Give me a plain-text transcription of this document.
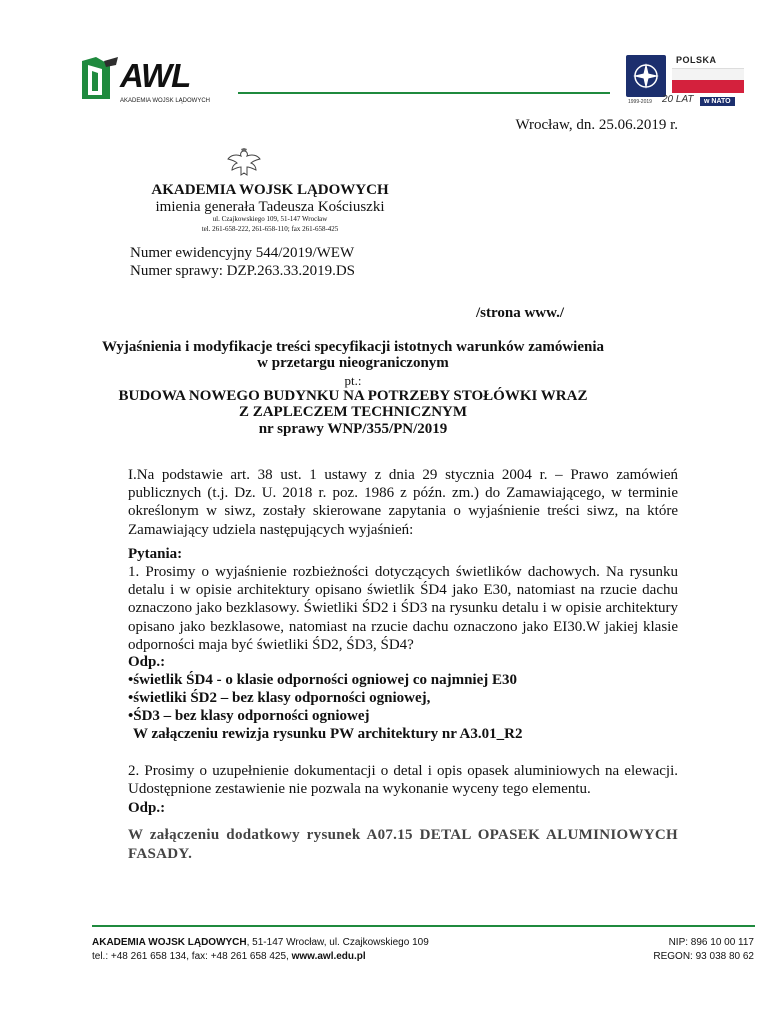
AWL
AKADEMIA WOJSK LĄDOWYCH
POLSKA
1999-2019 20 LAT	w NATO
Wrocław, dn. 25.06.2019 r.
AKADEMIA WOJSK LĄDOWYCH
imienia generała Tadeusza Kościuszki
ul. Czajkowskiego 109, 51-147 Wrocław
tel. 261-658-222, 261-658-110; fax 261-658-425
Numer ewidencyjny 544/2019/WEW
Numer sprawy: DZP.263.33.2019.DS
/strona www./
Wyjaśnienia i modyfikacje treści specyfikacji istotnych warunków zamówienia
w przetargu nieograniczonym
pt.:
BUDOWA NOWEGO BUDYNKU NA POTRZEBY STOŁÓWKI WRAZ
Z ZAPLECZEM TECHNICZNYM
nr sprawy WNP/355/PN/2019
I.Na podstawie art. 38 ust. 1 ustawy z dnia 29 stycznia 2004 r. – Prawo zamówień publicznych (t.j. Dz. U. 2018 r. poz. 1986 z późn. zm.) do Zamawiającego, w terminie określonym w siwz, zostały skierowane zapytania o wyjaśnienie treści siwz, na które Zamawiający udziela następujących wyjaśnień:
Pytania:
1. Prosimy o wyjaśnienie rozbieżności dotyczących świetlików dachowych. Na rysunku detalu i w opisie architektury opisano świetlik ŚD4 jako E30, natomiast na rzucie dachu oznaczono jako bezklasowy. Świetliki ŚD2 i ŚD3 na rysunku detalu i w opisie architektury opisano jako bezklasowe, natomiast na rzucie dachu oznaczono jako EI30.W jakiej klasie odporności maja być świetliki ŚD2, ŚD3, ŚD4?
Odp.:
•świetlik ŚD4 - o klasie odporności ogniowej co najmniej E30
•świetliki ŚD2 – bez klasy odporności ogniowej,
•ŚD3 – bez klasy odporności ogniowej
W załączeniu rewizja rysunku PW architektury nr A3.01_R2
2. Prosimy o uzupełnienie dokumentacji o detal i opis opasek aluminiowych na elewacji. Udostępnione zestawienie nie pozwala na wykonanie wyceny tego elementu.
Odp.:
W załączeniu dodatkowy rysunek A07.15 DETAL OPASEK ALUMINIOWYCH FASADY.
AKADEMIA WOJSK LĄDOWYCH, 51-147 Wrocław, ul. Czajkowskiego 109
tel.: +48 261 658 134, fax: +48 261 658 425, www.awl.edu.pl
NIP: 896 10 00 117
REGON: 93 038 80 62
